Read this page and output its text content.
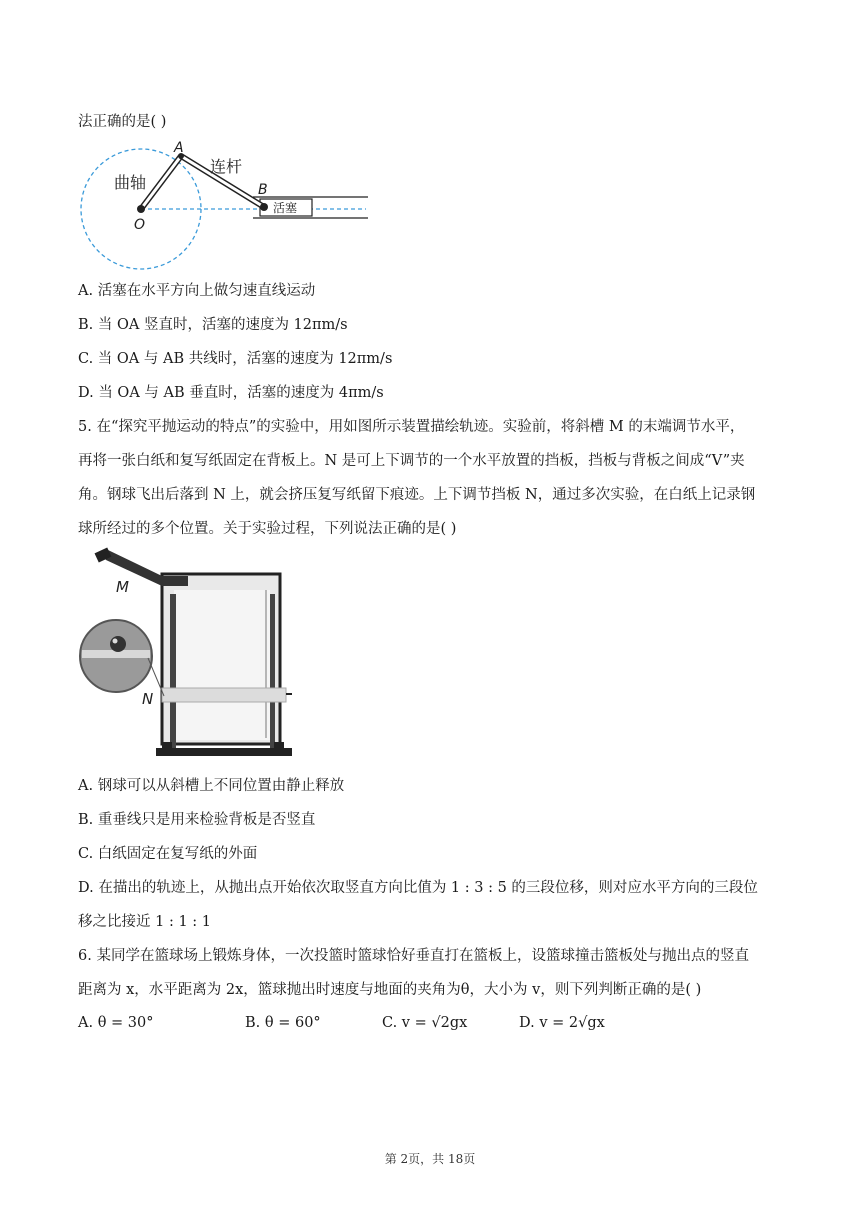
法正确的是( )
活塞
A
B
O
曲轴
连杆
A. 活塞在水平方向上做匀速直线运动
B. 当 OA 竖直时，活塞的速度为 12πm/s
C. 当 OA 与 AB 共线时，活塞的速度为 12πm/s
D. 当 OA 与 AB 垂直时，活塞的速度为 4πm/s
5. 在“探究平抛运动的特点”的实验中，用如图所示装置描绘轨迹。实验前，将斜槽 M 的末端调节水平，
再将一张白纸和复写纸固定在背板上。N 是可上下调节的一个水平放置的挡板，挡板与背板之间成“V”夹
角。钢球飞出后落到 N 上，就会挤压复写纸留下痕迹。上下调节挡板 N，通过多次实验，在白纸上记录钢
球所经过的多个位置。关于实验过程，下列说法正确的是( )
M
N
A. 钢球可以从斜槽上不同位置由静止释放
B. 重垂线只是用来检验背板是否竖直
C. 白纸固定在复写纸的外面
D. 在描出的轨迹上，从抛出点开始依次取竖直方向比值为 1 : 3 : 5 的三段位移，则对应水平方向的三段位
移之比接近 1 : 1 : 1
6. 某同学在篮球场上锻炼身体，一次投篮时篮球恰好垂直打在篮板上，设篮球撞击篮板处与抛出点的竖直
距离为 x，水平距离为 2x，篮球抛出时速度与地面的夹角为θ，大小为 v，则下列判断正确的是( )
A. θ = 30°	B. θ = 60°	C. v = √2gx	D. v = 2√gx
第 2页，共 18页
